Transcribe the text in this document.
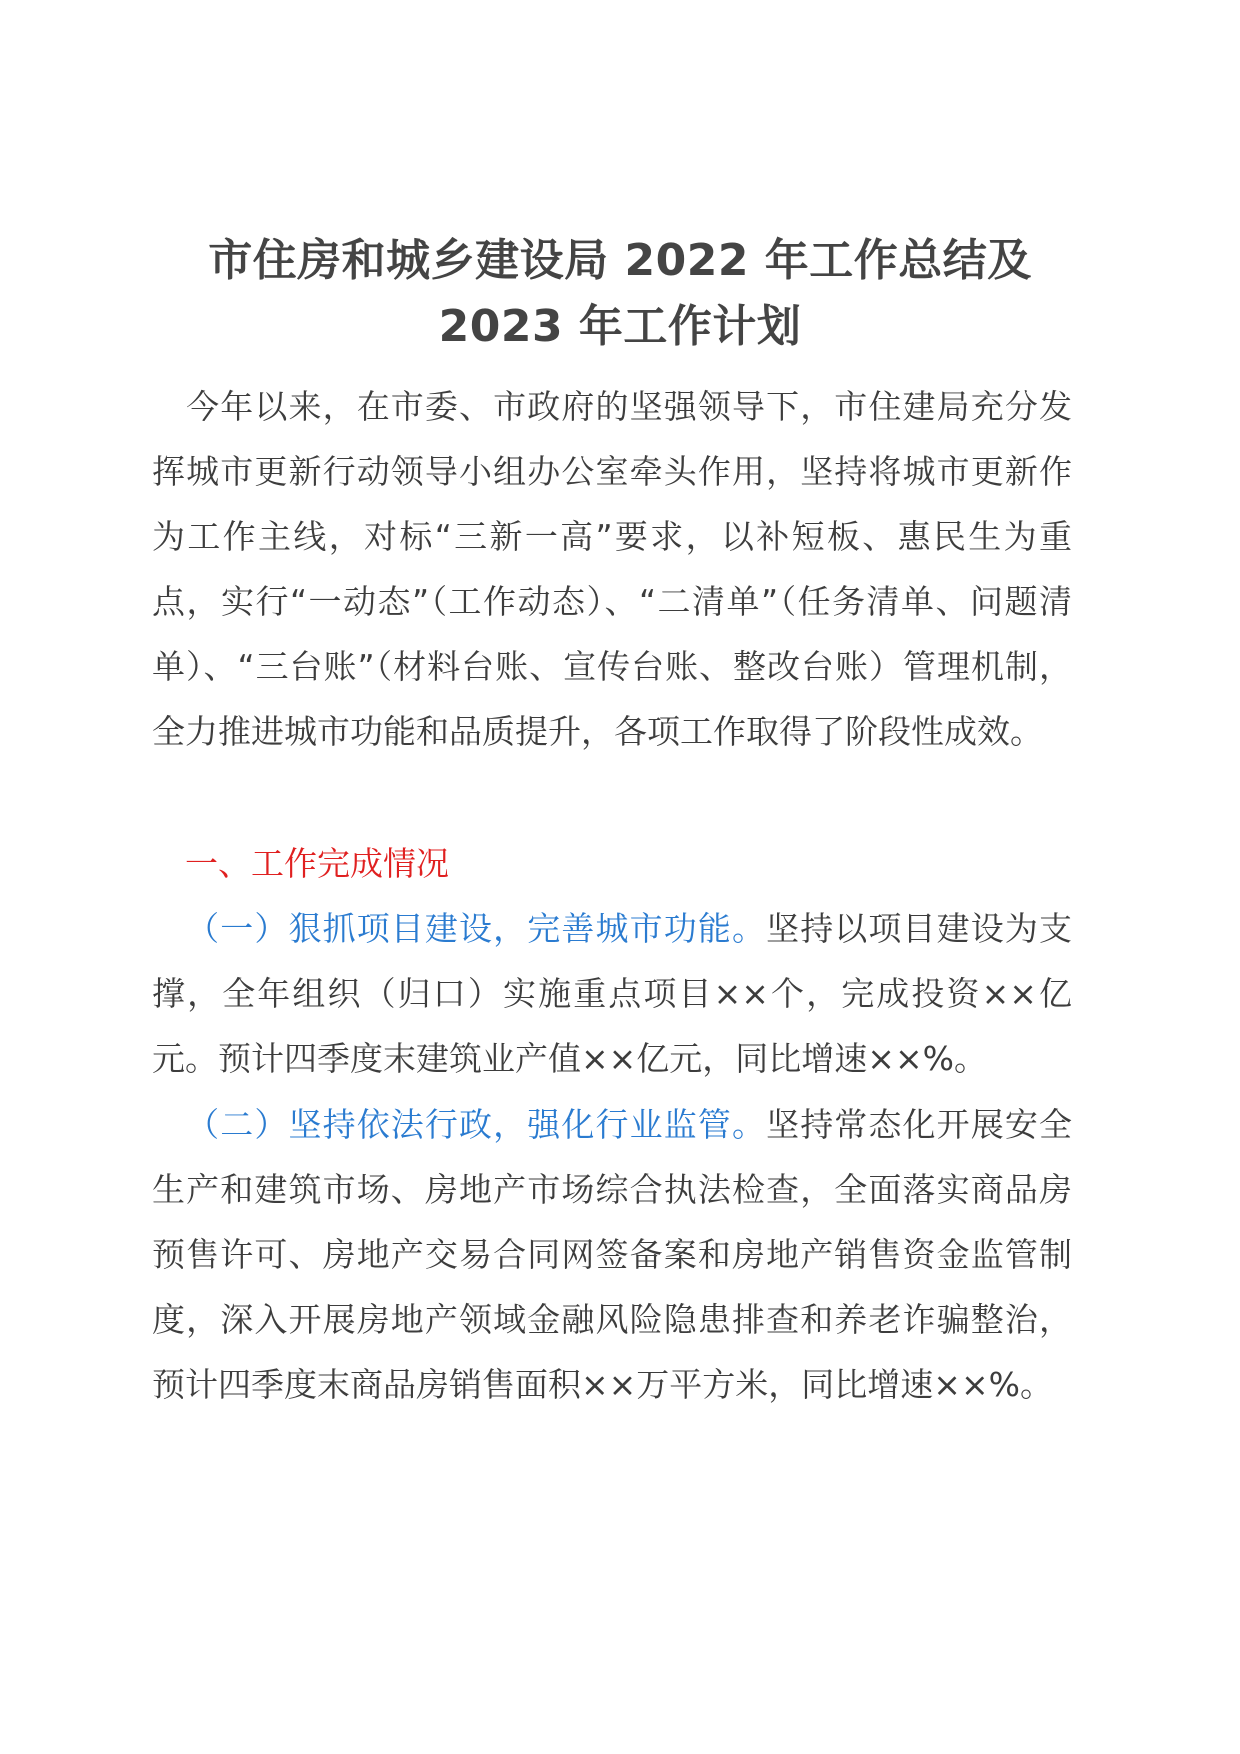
市住房和城乡建设局 2022 年工作总结及
2023 年工作计划
今年以来，在市委、市政府的坚强领导下，市住建局充分发挥城市更新行动领导小组办公室牵头作用，坚持将城市更新作为工作主线，对标“三新一高”要求，以补短板、惠民生为重点，实行“一动态”（工作动态）、“二清单”（任务清单、问题清单）、“三台账”（材料台账、宣传台账、整改台账）管理机制，全力推进城市功能和品质提升，各项工作取得了阶段性成效。
一、工作完成情况
（一）狠抓项目建设，完善城市功能。坚持以项目建设为支撑，全年组织（归口）实施重点项目××个，完成投资××亿元。预计四季度末建筑业产值××亿元，同比增速××%。
（二）坚持依法行政，强化行业监管。坚持常态化开展安全生产和建筑市场、房地产市场综合执法检查，全面落实商品房预售许可、房地产交易合同网签备案和房地产销售资金监管制度，深入开展房地产领域金融风险隐患排查和养老诈骗整治，预计四季度末商品房销售面积××万平方米，同比增速××%。
